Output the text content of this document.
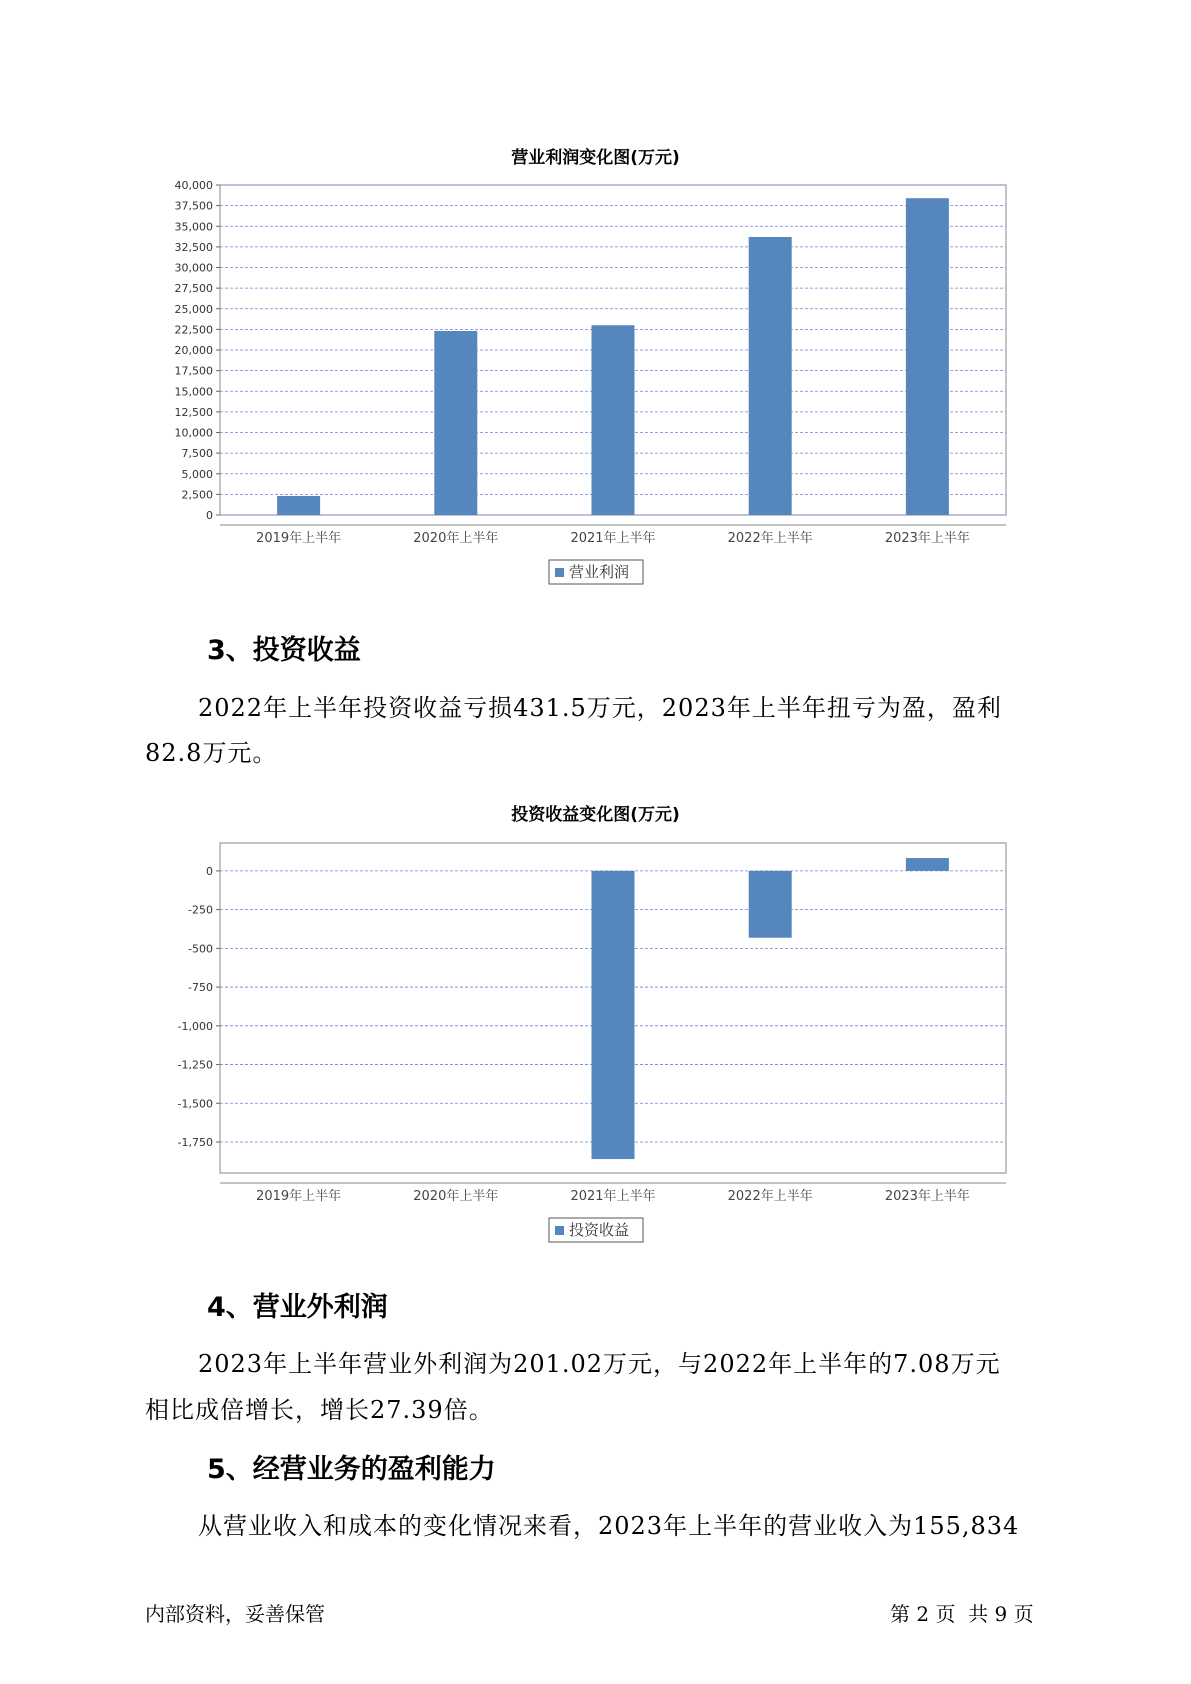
营业利润变化图(万元)
0
2,500
5,000
7,500
10,000
12,500
15,000
17,500
20,000
22,500
25,000
27,500
30,000
32,500
35,000
37,500
40,000
2019年上半年	2020年上半年	2021年上半年	2022年上半年	2023年上半年
营业利润
3、投资收益
2022年上半年投资收益亏损431.5万元，2023年上半年扭亏为盈，盈利
82.8万元。
投资收益变化图(万元)
0
-250
-500
-750
-1,000
-1,250
-1,500
-1,750
2019年上半年	2020年上半年	2021年上半年	2022年上半年	2023年上半年
投资收益
4、营业外利润
2023年上半年营业外利润为201.02万元，与2022年上半年的7.08万元
相比成倍增长，增长27.39倍。
5、经营业务的盈利能力
从营业收入和成本的变化情况来看，2023年上半年的营业收入为155,834
内部资料，妥善保管	第 2 页  共 9 页
